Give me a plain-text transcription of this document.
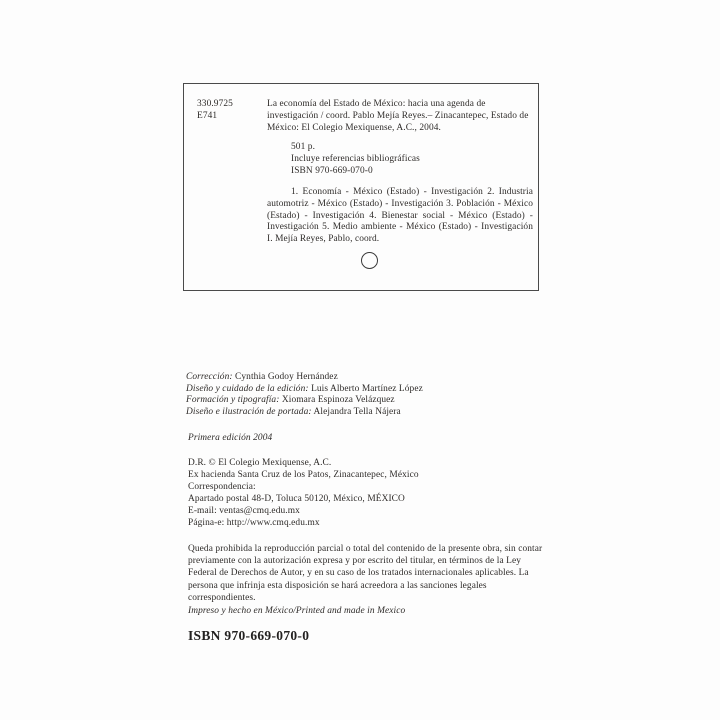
330.9725
E741
La economía del Estado de México: hacia una agenda de investigación / coord. Pablo Mejía Reyes.– Zinacantepec, Estado de México: El Colegio Mexiquense, A.C., 2004.
501 p.
Incluye referencias bibliográficas
ISBN 970-669-070-0
1. Economía - México (Estado) - Investigación 2. Industria automotriz - México (Estado) - Investigación 3. Población - México (Estado) - Investigación 4. Bienestar social - México (Estado) - Investigación 5. Medio ambiente - México (Estado) - Investigación I. Mejía Reyes, Pablo, coord.
Corrección: Cynthia Godoy Hernández
Diseño y cuidado de la edición: Luis Alberto Martínez López
Formación y tipografía: Xiomara Espinoza Velázquez
Diseño e ilustración de portada: Alejandra Tella Nájera
Primera edición 2004
D.R. © El Colegio Mexiquense, A.C.
Ex hacienda Santa Cruz de los Patos, Zinacantepec, México
Correspondencia:
Apartado postal 48-D, Toluca 50120, México, MÉXICO
E-mail: ventas@cmq.edu.mx
Página-e: http://www.cmq.edu.mx
Queda prohibida la reproducción parcial o total del contenido de la presente obra, sin contar previamente con la autorización expresa y por escrito del titular, en términos de la Ley Federal de Derechos de Autor, y en su caso de los tratados internacionales aplicables. La persona que infrinja esta disposición se hará acreedora a las sanciones legales correspondientes.
Impreso y hecho en México/Printed and made in Mexico
ISBN 970-669-070-0
